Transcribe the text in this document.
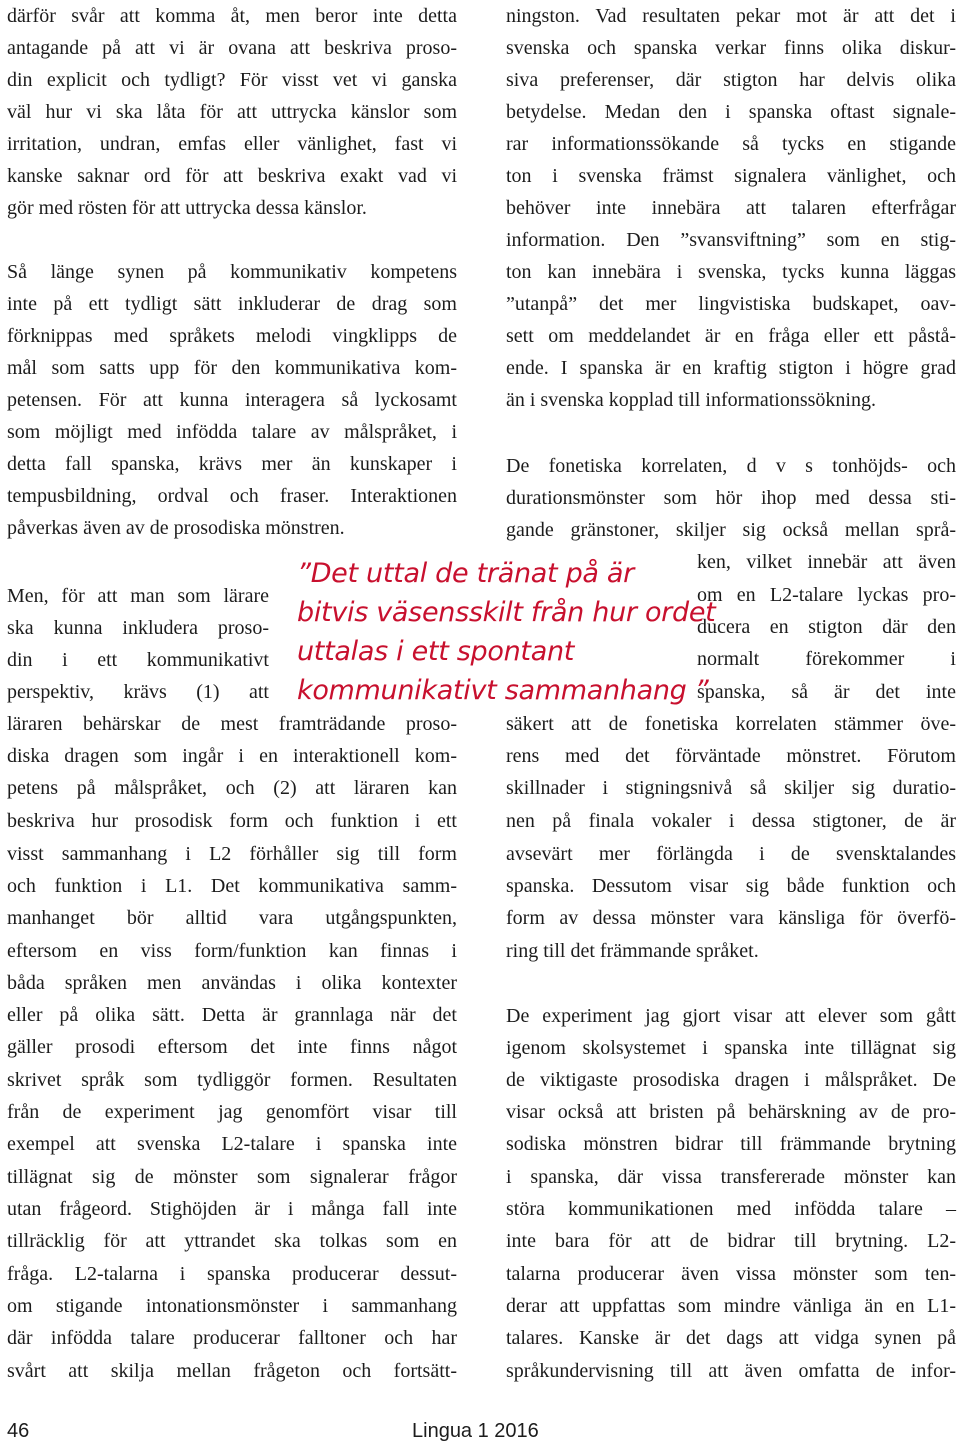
därför svår att komma åt, men beror inte detta
antagande på att vi är ovana att beskriva proso-
din explicit och tydligt? För visst vet vi ganska
väl hur vi ska låta för att uttrycka känslor som
irritation, undran, emfas eller vänlighet, fast vi
kanske saknar ord för att beskriva exakt vad vi
gör med rösten för att uttrycka dessa känslor.
Så länge synen på kommunikativ kompetens
inte på ett tydligt sätt inkluderar de drag som
förknippas med språkets melodi vingklipps de
mål som satts upp för den kommunikativa kom-
petensen. För att kunna interagera så lyckosamt
som möjligt med infödda talare av målspråket, i
detta fall spanska, krävs mer än kunskaper i
tempusbildning, ordval och fraser. Interaktionen
påverkas även av de prosodiska mönstren.
Men, för att man som lärare
ska kunna inkludera proso-
din i ett kommunikativt
perspektiv, krävs (1) att
läraren behärskar de mest framträdande proso-
diska dragen som ingår i en interaktionell kom-
petens på målspråket, och (2) att läraren kan
beskriva hur prosodisk form och funktion i ett
visst sammanhang i L2 förhåller sig till form
och funktion i L1. Det kommunikativa samm-
manhanget bör alltid vara utgångspunkten,
eftersom en viss form/funktion kan finnas i
båda språken men användas i olika kontexter
eller på olika sätt. Detta är grannlaga när det
gäller prosodi eftersom det inte finns något
skrivet språk som tydliggör formen. Resultaten
från de experiment jag genomfört visar till
exempel att svenska L2-talare i spanska inte
tillägnat sig de mönster som signalerar frågor
utan frågeord. Stighöjden är i många fall inte
tillräcklig för att yttrandet ska tolkas som en
fråga. L2-talarna i spanska producerar dessut-
om stigande intonationsmönster i sammanhang
där infödda talare producerar falltoner och har
svårt att skilja mellan frågeton och fortsätt-
ningston. Vad resultaten pekar mot är att det i
svenska och spanska verkar finns olika diskur-
siva preferenser, där stigton har delvis olika
betydelse. Medan den i spanska oftast signale-
rar informationssökande så tycks en stigande
ton i svenska främst signalera vänlighet, och
behöver inte innebära att talaren efterfrågar
information. Den ”svansviftning” som en stig-
ton kan innebära i svenska, tycks kunna läggas
”utanpå” det mer lingvistiska budskapet, oav-
sett om meddelandet är en fråga eller ett påstå-
ende. I spanska är en kraftig stigton i högre grad
än i svenska kopplad till informationssökning.
De fonetiska korrelaten, d v s tonhöjds- och
durationsmönster som hör ihop med dessa sti-
gande gränstoner, skiljer sig också mellan språ-
ken, vilket innebär att även
om en L2-talare lyckas pro-
ducera en stigton där den
normalt förekommer i
spanska, så är det inte
säkert att de fonetiska korrelaten stämmer öve-
rens med det förväntade mönstret. Förutom
skillnader i stigningsnivå så skiljer sig duratio-
nen på finala vokaler i dessa stigtoner, de är
avsevärt mer förlängda i de svensktalandes
spanska. Dessutom visar sig både funktion och
form av dessa mönster vara känsliga för överfö-
ring till det främmande språket.
De experiment jag gjort visar att elever som gått
igenom skolsystemet i spanska inte tillägnat sig
de viktigaste prosodiska dragen i målspråket. De
visar också att bristen på behärskning av de pro-
sodiska mönstren bidrar till främmande brytning
i spanska, där vissa transfererade mönster kan
störa kommunikationen med infödda talare –
inte bara för att de bidrar till brytning. L2-
talarna producerar även vissa mönster som ten-
derar att uppfattas som mindre vänliga än en L1-
talares. Kanske är det dags att vidga synen på
språkundervisning till att även omfatta de infor-
”Det uttal de tränat på är
bitvis väsensskilt från hur ordet
uttalas i ett spontant
kommunikativt sammanhang ”
46	Lingua 1 2016
